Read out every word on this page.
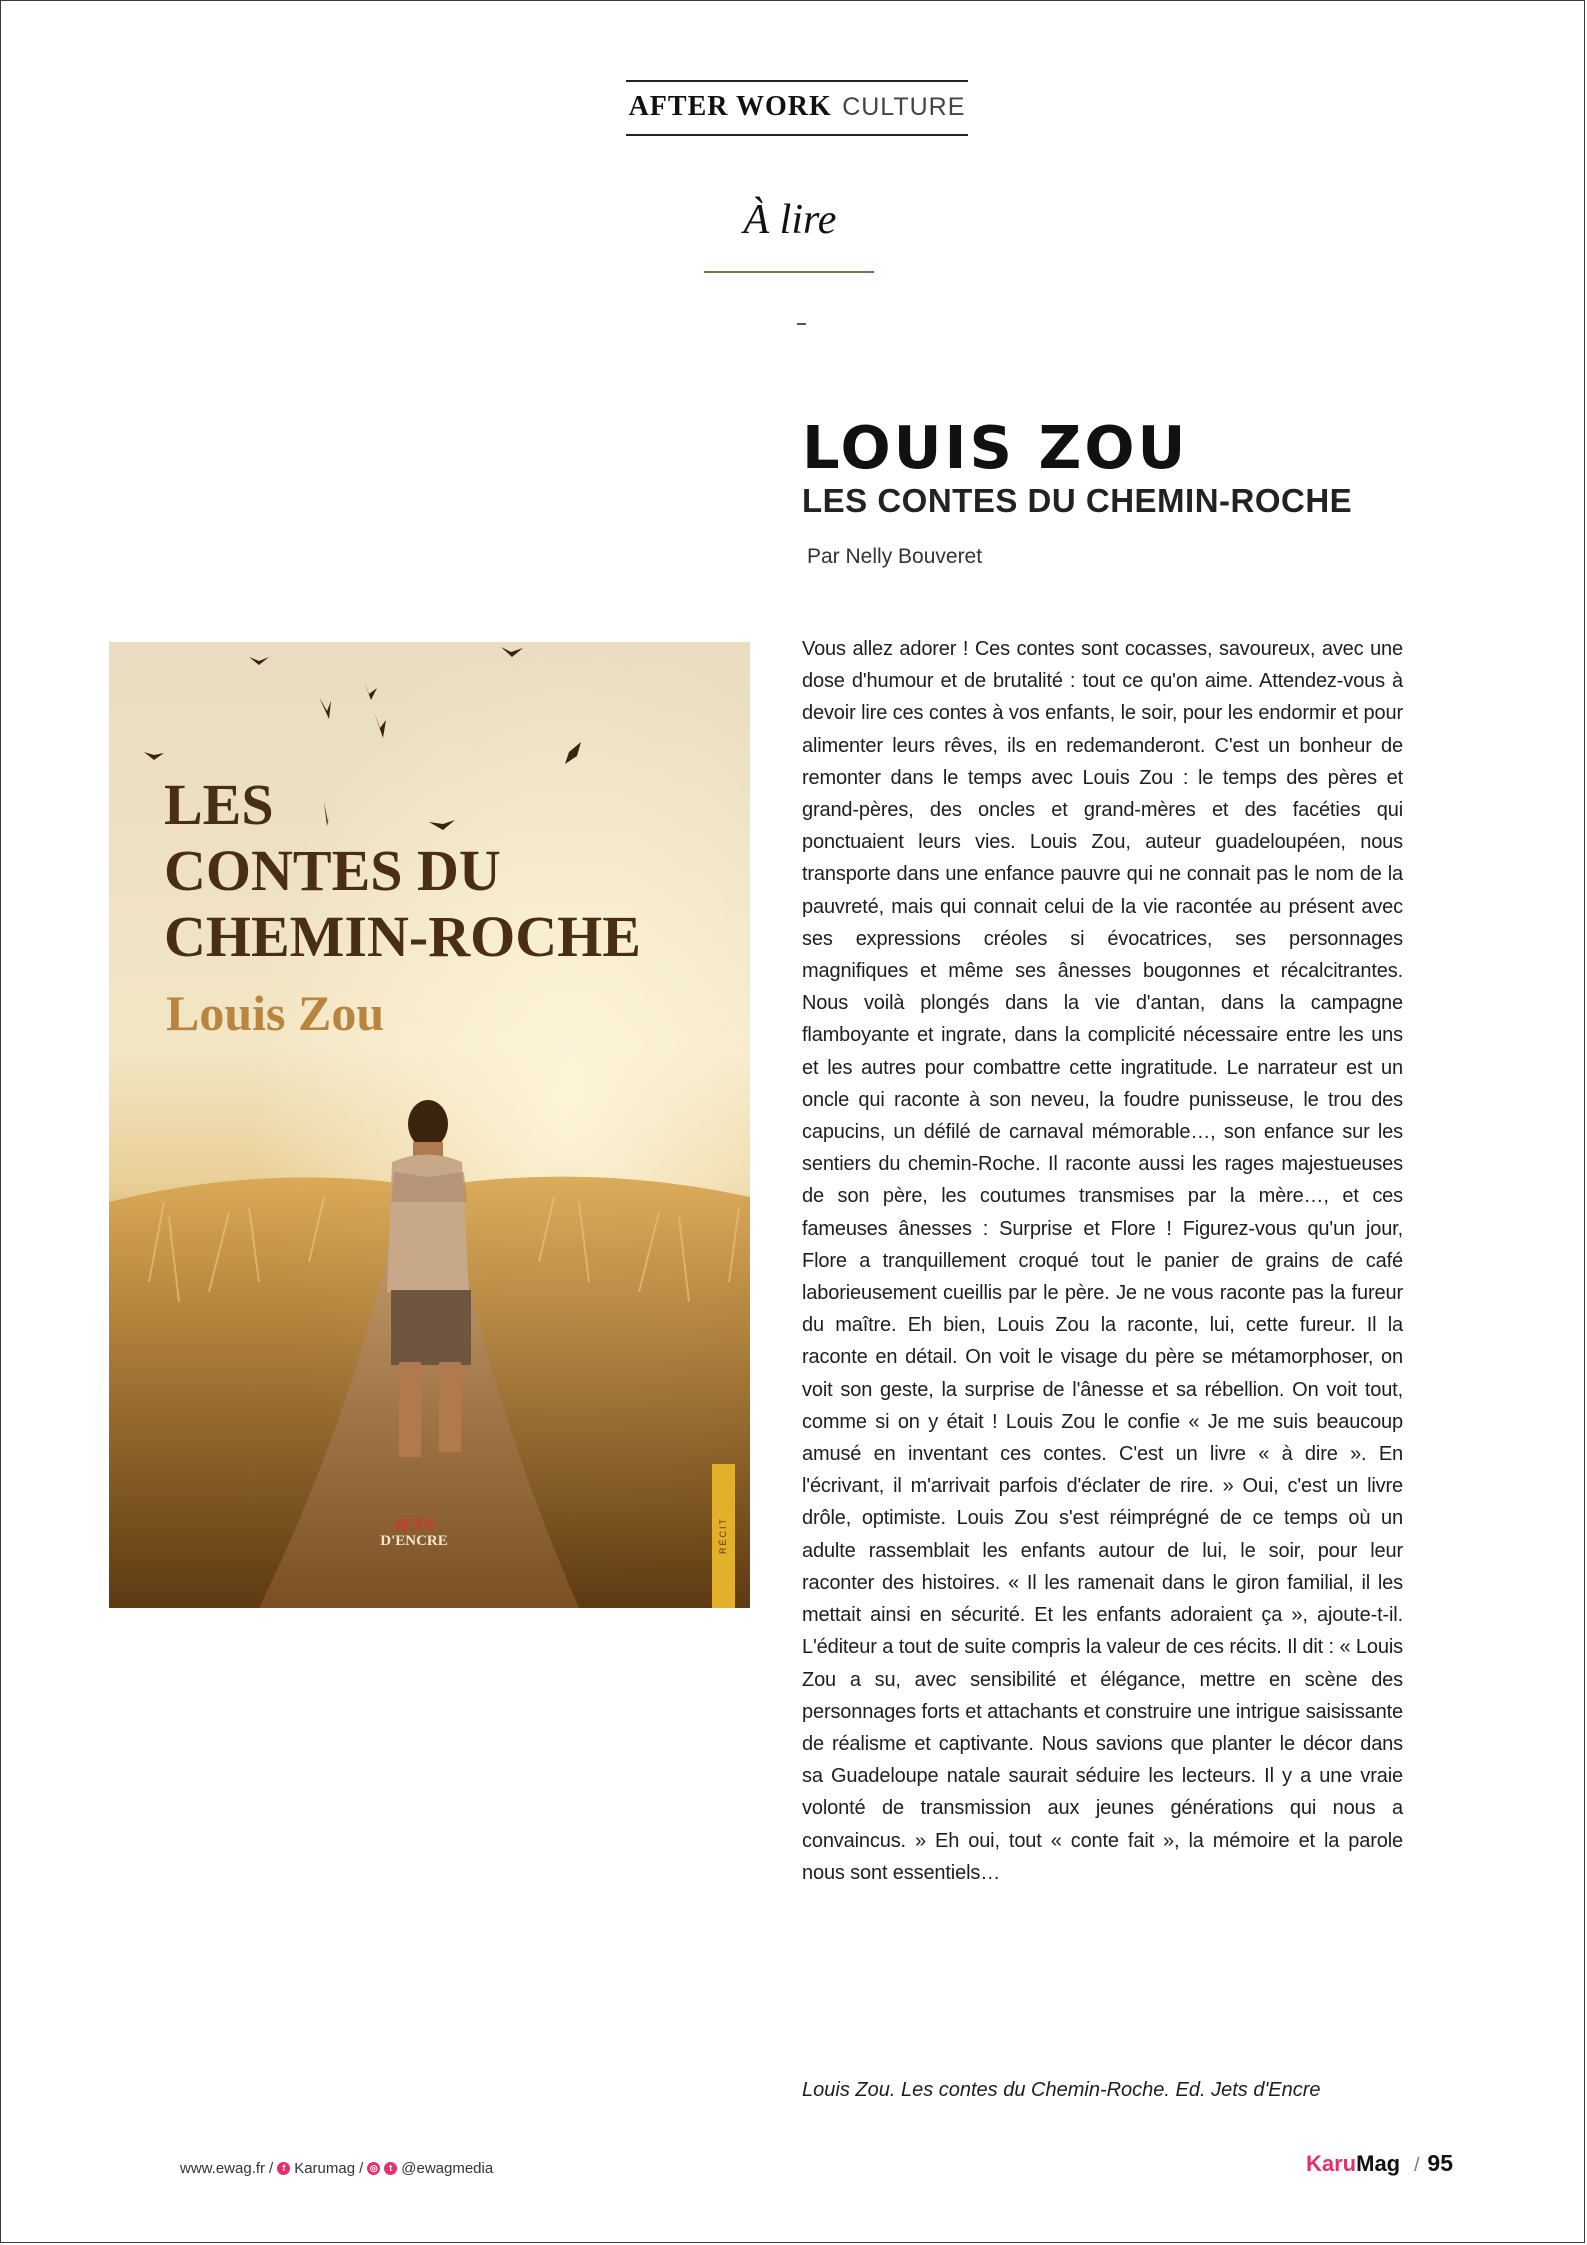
AFTER WORK CULTURE
À lire
LOUIS ZOU
LES CONTES DU CHEMIN-ROCHE
Par Nelly Bouveret
LES
CONTES DU
CHEMIN-ROCHE
Louis Zou
JETS
D'ENCRE	RÉCIT

Vous allez adorer ! Ces contes sont cocasses, savoureux, avec une dose d'humour et de brutalité : tout ce qu'on aime. Attendez-vous à devoir lire ces contes à vos enfants, le soir, pour les endormir et pour alimenter leurs rêves, ils en redemanderont. C'est un bonheur de remonter dans le temps avec Louis Zou : le temps des pères et grand-pères, des oncles et grand-mères et des facéties qui ponctuaient leurs vies. Louis Zou, auteur guadeloupéen, nous transporte dans une enfance pauvre qui ne connait pas le nom de la pauvreté, mais qui connait celui de la vie racontée au présent avec ses expressions créoles si évocatrices, ses personnages magnifiques et même ses ânesses bougonnes et récalcitrantes. Nous voilà plongés dans la vie d'antan, dans la campagne flamboyante et ingrate, dans la complicité nécessaire entre les uns et les autres pour combattre cette ingratitude. Le narrateur est un oncle qui raconte à son neveu, la foudre punisseuse, le trou des capucins, un défilé de carnaval mémorable…, son enfance sur les sentiers du chemin-Roche. Il raconte aussi les rages majestueuses de son père, les coutumes transmises par la mère…, et ces fameuses ânesses : Surprise et Flore ! Figurez-vous qu'un jour, Flore a tranquillement croqué tout le panier de grains de café laborieusement cueillis par le père. Je ne vous raconte pas la fureur du maître. Eh bien, Louis Zou la raconte, lui, cette fureur. Il la raconte en détail. On voit le visage du père se métamorphoser, on voit son geste, la surprise de l'ânesse et sa rébellion. On voit tout, comme si on y était ! Louis Zou le confie « Je me suis beaucoup amusé en inventant ces contes. C'est un livre « à dire ». En l'écrivant, il m'arrivait parfois d'éclater de rire. » Oui, c'est un livre drôle, optimiste. Louis Zou s'est réimprégné de ce temps où un adulte rassemblait les enfants autour de lui, le soir, pour leur raconter des histoires. « Il les ramenait dans le giron familial, il les mettait ainsi en sécurité. Et les enfants adoraient ça », ajoute-t-il. L'éditeur a tout de suite compris la valeur de ces récits. Il dit : « Louis Zou a su, avec sensibilité et élégance, mettre en scène des personnages forts et attachants et construire une intrigue saisissante de réalisme et captivante. Nous savions que planter le décor dans sa Guadeloupe natale saurait séduire les lecteurs. Il y a une vraie volonté de transmission aux jeunes générations qui nous a convaincus. » Eh oui, tout « conte fait », la mémoire et la parole nous sont essentiels…

Louis Zou. Les contes du Chemin-Roche. Ed. Jets d'Encre

www.ewag.fr /	f Karumag / ◎	t @ewagmedia	Karu Mag / 95
